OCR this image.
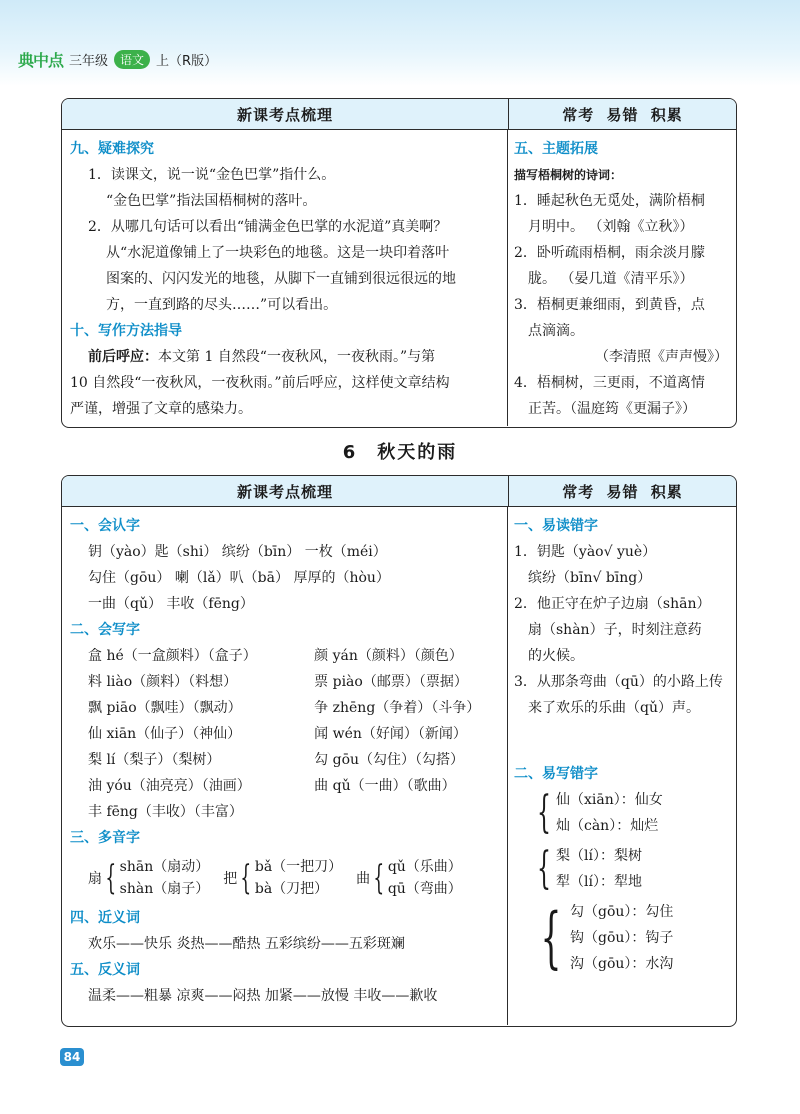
典中点 三年级	语文 上（R版）
新课考点梳理	常考 易错 积累
九、疑难探究
1．读课文，说一说“金色巴掌”指什么。
“金色巴掌”指法国梧桐树的落叶。
2．从哪几句话可以看出“铺满金色巴掌的水泥道”真美啊？
从“水泥道像铺上了一块彩色的地毯。这是一块印着落叶
图案的、闪闪发光的地毯，从脚下一直铺到很远很远的地
方，一直到路的尽头……”可以看出。
十、写作方法指导
前后呼应：本文第 1 自然段“一夜秋风，一夜秋雨。”与第
10 自然段“一夜秋风，一夜秋雨。”前后呼应，这样使文章结构
严谨，增强了文章的感染力。
五、主题拓展
描写梧桐树的诗词：
1．睡起秋色无觅处，满阶梧桐
月明中。 （刘翰《立秋》）
2．卧听疏雨梧桐，雨余淡月朦
胧。 （晏几道《清平乐》）
3．梧桐更兼细雨，到黄昏，点
点滴滴。
（李清照《声声慢》）
4．梧桐树，三更雨，不道离情
正苦。（温庭筠《更漏子》）
6　秋天的雨
新课考点梳理	常考 易错 积累
一、会认字
钥（yào）匙（shi） 缤纷（bīn） 一枚（méi）
勾住（gōu） 喇（lǎ）叭（bā） 厚厚的（hòu）
一曲（qǔ） 丰收（fēng）
二、会写字
盒 hé（一盒颜料）（盒子）	颜 yán（颜料）（颜色）
料 liào（颜料）（料想）	票 piào（邮票）（票据）
飘 piāo（飘哇）（飘动）	争 zhēng（争着）（斗争）
仙 xiān（仙子）（神仙）	闻 wén（好闻）（新闻）
梨 lí（梨子）（梨树）	勾 gōu（勾住）（勾搭）
油 yóu（油亮亮）（油画）	曲 qǔ（一曲）（歌曲）
丰 fēng（丰收）（丰富）
三、多音字
扇 { shān（扇动）
shàn（扇子）
把 { bǎ（一把刀）
bà（刀把）
曲 { qǔ（乐曲）
qū（弯曲）
四、近义词
欢乐——快乐 炎热——酷热 五彩缤纷——五彩斑斓
五、反义词
温柔——粗暴 凉爽——闷热 加紧——放慢 丰收——歉收
一、易读错字
1．钥匙（yào√ yuè）
缤纷（bīn√ bīng）
2．他正守在炉子边扇（shān）
扇（shàn）子，时刻注意药
的火候。
3．从那条弯曲（qū）的小路上传
来了欢乐的乐曲（qǔ）声。
二、易写错字
{ 仙（xiān）：仙女
灿（càn）：灿烂
{ 梨（lí）：梨树
犁（lí）：犁地
{ 勾（gōu）：勾住
钩（gōu）：钩子
沟（gōu）：水沟
84
